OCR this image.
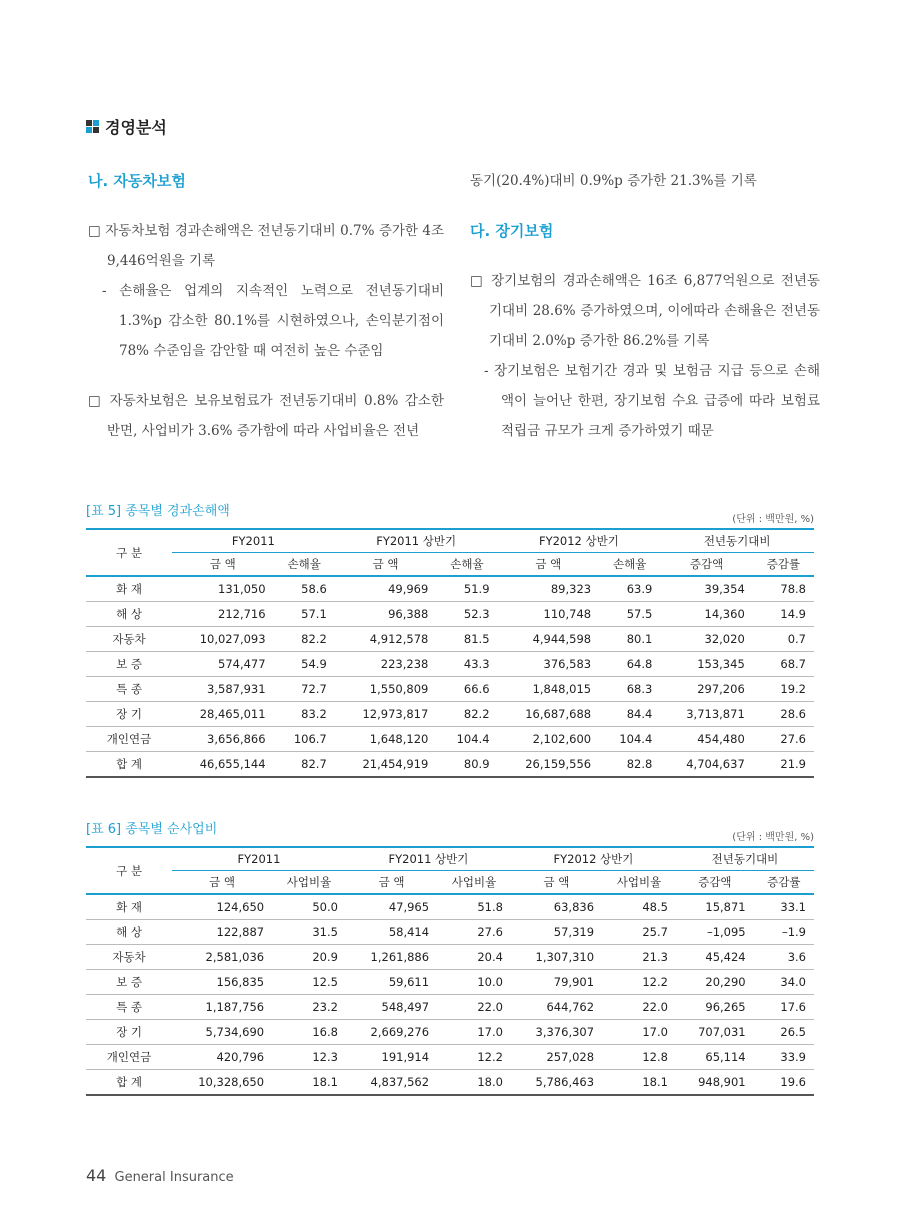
경영분석
나. 자동차보험
□ 자동차보험 경과손해액은 전년동기대비 0.7% 증가한 4조 9,446억원을 기록
- 손해율은 업계의 지속적인 노력으로 전년동기대비 1.3%p 감소한 80.1%를 시현하였으나, 손익분기점이 78% 수준임을 감안할 때 여전히 높은 수준임
□ 자동차보험은 보유보험료가 전년동기대비 0.8% 감소한 반면, 사업비가 3.6% 증가함에 따라 사업비율은 전년
동기(20.4%)대비 0.9%p 증가한 21.3%를 기록
다. 장기보험
□ 장기보험의 경과손해액은 16조 6,877억원으로 전년동기대비 28.6% 증가하였으며, 이에따라 손해율은 전년동기대비 2.0%p 증가한 86.2%를 기록
- 장기보험은 보험기간 경과 및 보험금 지급 등으로 손해액이 늘어난 한편, 장기보험 수요 급증에 따라 보험료 적립금 규모가 크게 증가하였기 때문
[표 5] 종목별 경과손해액
(단위 : 백만원, %)
구 분	FY2011		FY2011 상반기		FY2012 상반기		전년동기대비	
	금 액	손해율	금 액	손해율	금 액	손해율	증감액	증감률
화 재	131,050	58.6	49,969	51.9	89,323	63.9	39,354	78.8
해 상	212,716	57.1	96,388	52.3	110,748	57.5	14,360	14.9
자동차	10,027,093	82.2	4,912,578	81.5	4,944,598	80.1	32,020	0.7
보 증	574,477	54.9	223,238	43.3	376,583	64.8	153,345	68.7
특 종	3,587,931	72.7	1,550,809	66.6	1,848,015	68.3	297,206	19.2
장 기	28,465,011	83.2	12,973,817	82.2	16,687,688	84.4	3,713,871	28.6
개인연금	3,656,866	106.7	1,648,120	104.4	2,102,600	104.4	454,480	27.6
합 계	46,655,144	82.7	21,454,919	80.9	26,159,556	82.8	4,704,637	21.9
[표 6] 종목별 순사업비
(단위 : 백만원, %)
구 분	FY2011		FY2011 상반기		FY2012 상반기		전년동기대비	
	금 액	사업비율	금 액	사업비율	금 액	사업비율	증감액	증감률
화 재	124,650	50.0	47,965	51.8	63,836	48.5	15,871	33.1
해 상	122,887	31.5	58,414	27.6	57,319	25.7	–1,095	–1.9
자동차	2,581,036	20.9	1,261,886	20.4	1,307,310	21.3	45,424	3.6
보 증	156,835	12.5	59,611	10.0	79,901	12.2	20,290	34.0
특 종	1,187,756	23.2	548,497	22.0	644,762	22.0	96,265	17.6
장 기	5,734,690	16.8	2,669,276	17.0	3,376,307	17.0	707,031	26.5
개인연금	420,796	12.3	191,914	12.2	257,028	12.8	65,114	33.9
합 계	10,328,650	18.1	4,837,562	18.0	5,786,463	18.1	948,901	19.6
44 General Insurance
